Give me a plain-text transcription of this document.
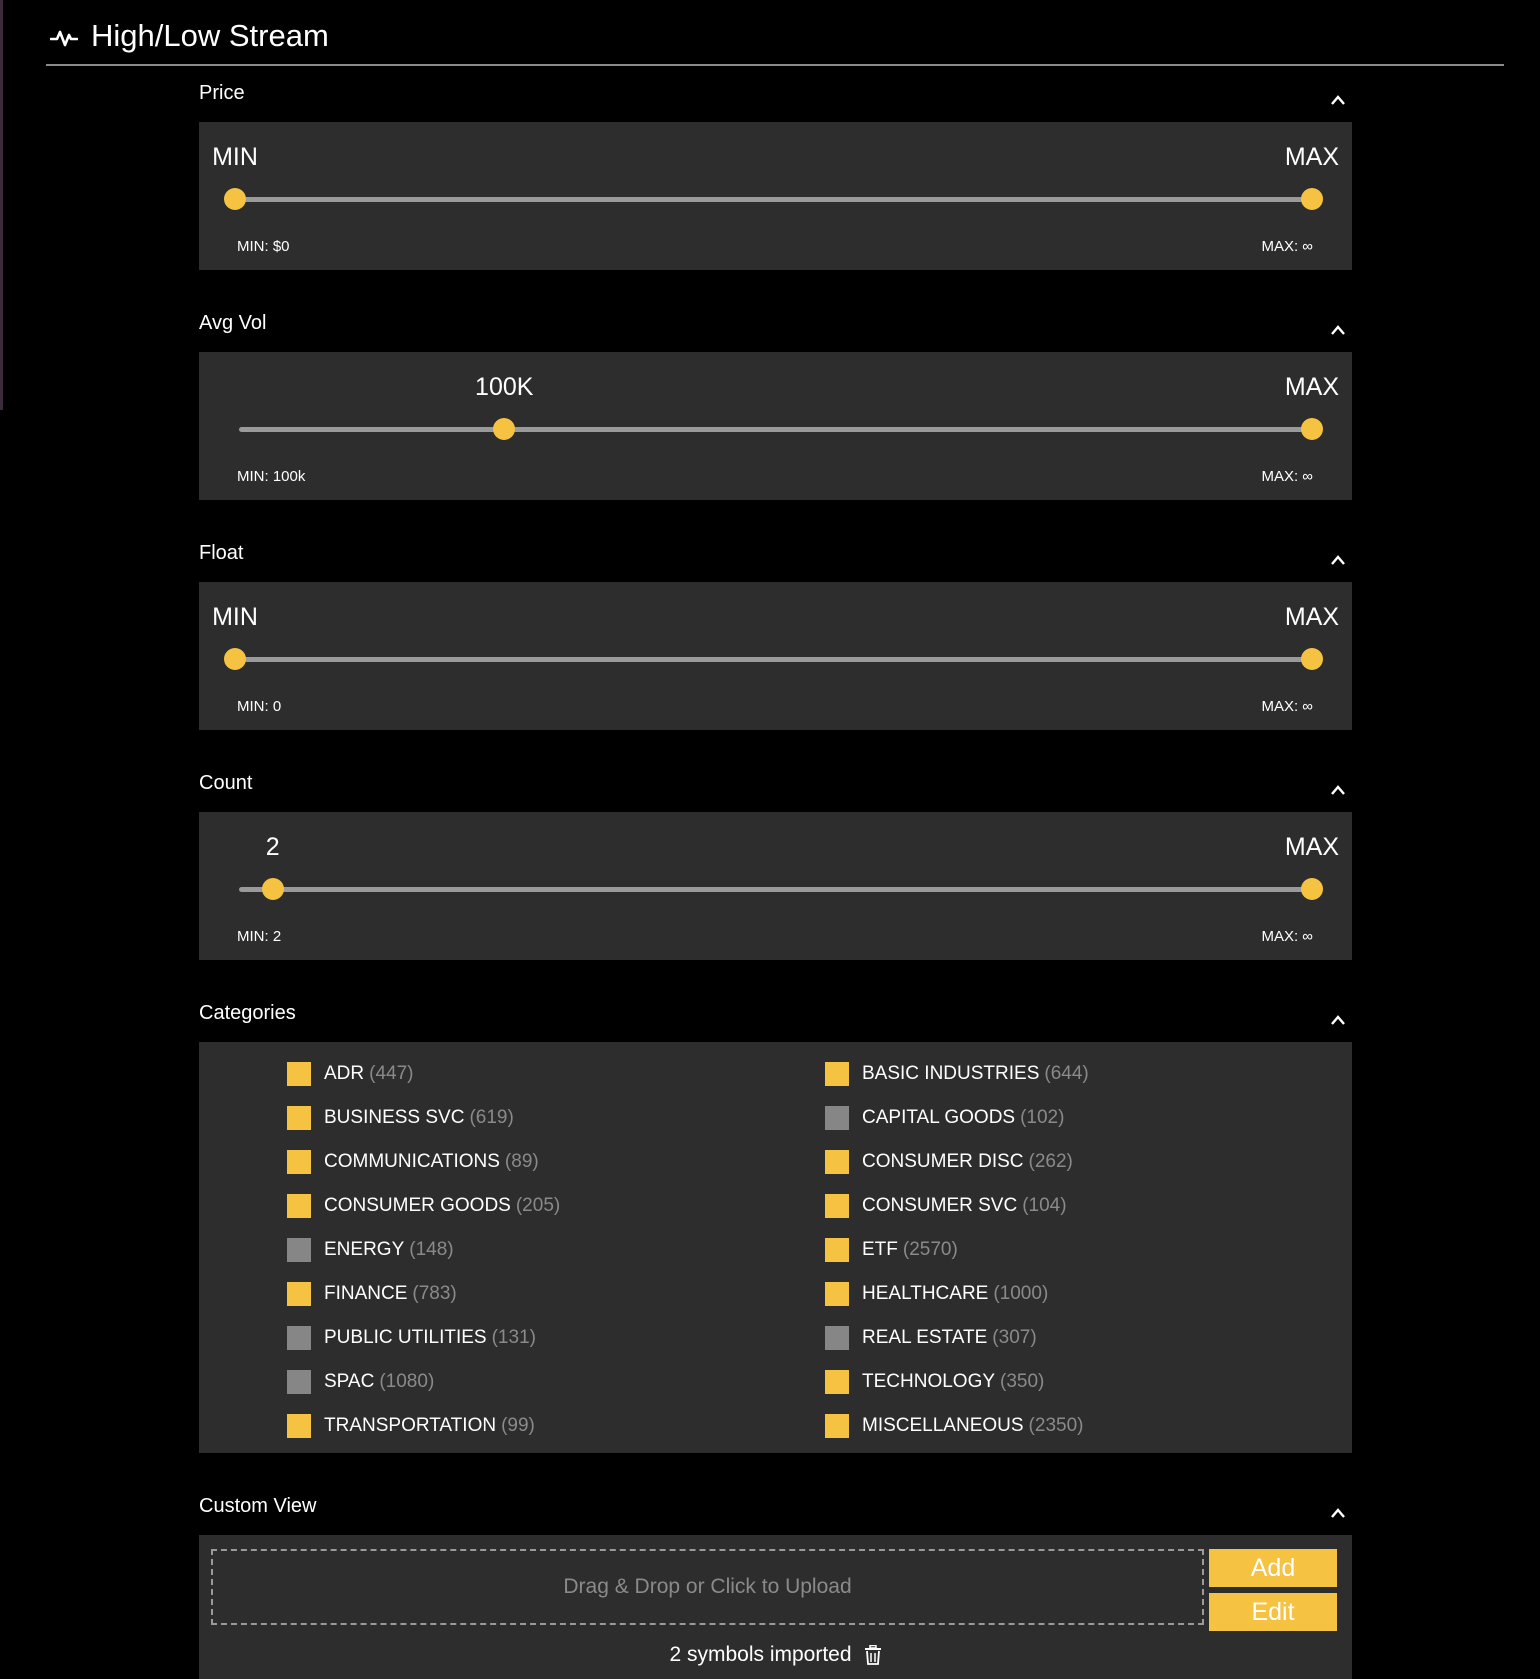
High/Low Stream
Price
MIN	MAX
MIN: $0	MAX: ∞
Avg Vol
100K	MAX
MIN: 100k	MAX: ∞
Float
MIN	MAX
MIN: 0	MAX: ∞
Count
2	MAX
MIN: 2	MAX: ∞
Categories
ADR (447)	BASIC INDUSTRIES (644)
BUSINESS SVC (619)	CAPITAL GOODS (102)
COMMUNICATIONS (89)	CONSUMER DISC (262)
CONSUMER GOODS (205)	CONSUMER SVC (104)
ENERGY (148)	ETF (2570)
FINANCE (783)	HEALTHCARE (1000)
PUBLIC UTILITIES (131)	REAL ESTATE (307)
SPAC (1080)	TECHNOLOGY (350)
TRANSPORTATION (99)	MISCELLANEOUS (2350)
Custom View
Drag & Drop or Click to Upload
Add
Edit
2 symbols imported
